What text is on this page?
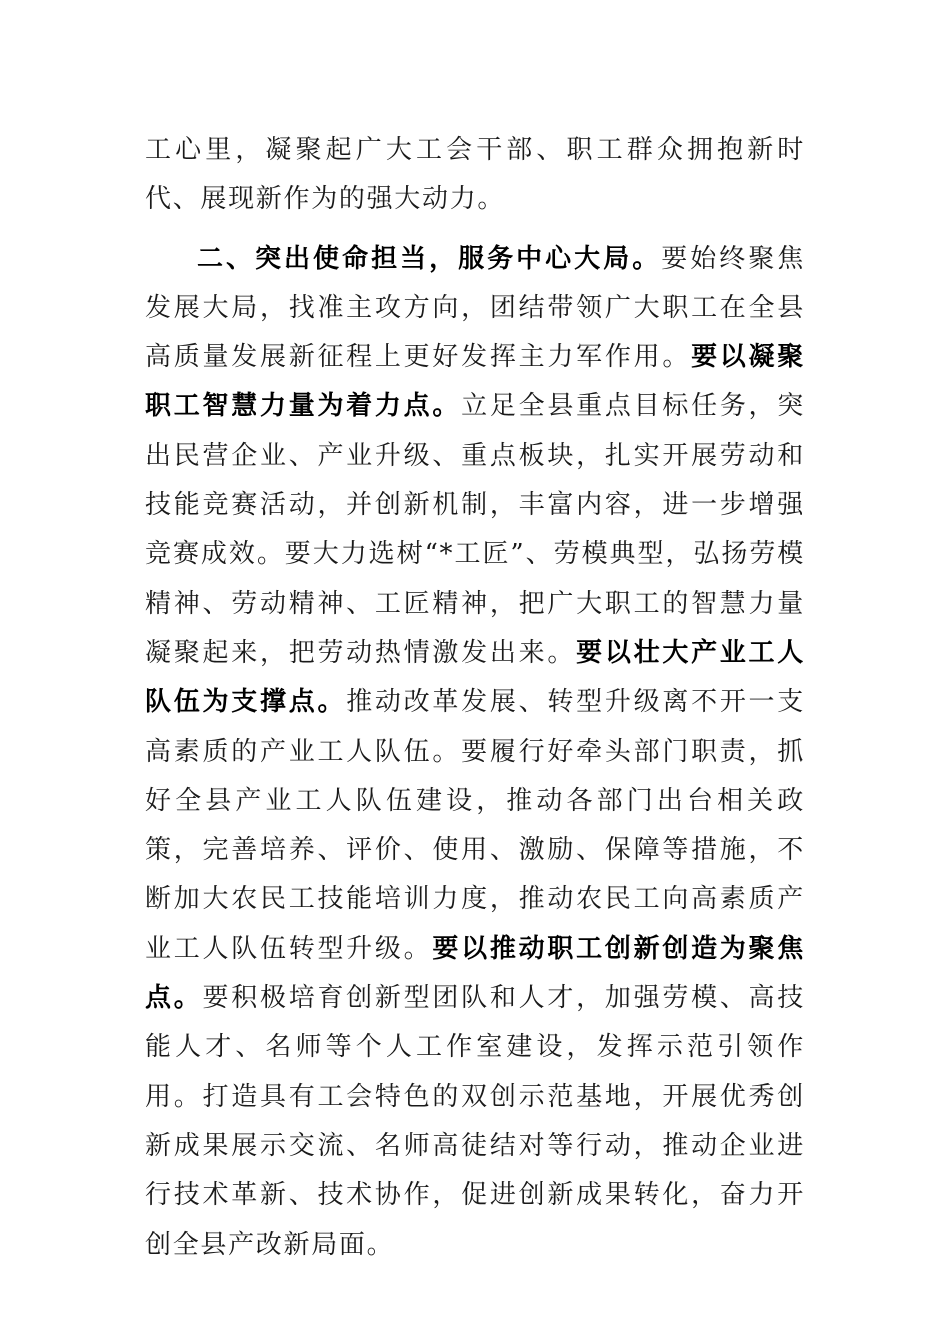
工心里，凝聚起广大工会干部、职工群众拥抱新时代、展现新作为的强大动力。

二、突出使命担当，服务中心大局。要始终聚焦发展大局，找准主攻方向，团结带领广大职工在全县高质量发展新征程上更好发挥主力军作用。要以凝聚职工智慧力量为着力点。立足全县重点目标任务，突出民营企业、产业升级、重点板块，扎实开展劳动和技能竞赛活动，并创新机制，丰富内容，进一步增强竞赛成效。要大力选树“*工匠”、劳模典型，弘扬劳模精神、劳动精神、工匠精神，把广大职工的智慧力量凝聚起来，把劳动热情激发出来。要以壮大产业工人队伍为支撑点。推动改革发展、转型升级离不开一支高素质的产业工人队伍。要履行好牵头部门职责，抓好全县产业工人队伍建设，推动各部门出台相关政策，完善培养、评价、使用、激励、保障等措施，不断加大农民工技能培训力度，推动农民工向高素质产业工人队伍转型升级。要以推动职工创新创造为聚焦点。要积极培育创新型团队和人才，加强劳模、高技能人才、名师等个人工作室建设，发挥示范引领作用。打造具有工会特色的双创示范基地，开展优秀创新成果展示交流、名师高徒结对等行动，推动企业进行技术革新、技术协作，促进创新成果转化，奋力开创全县产改新局面。
